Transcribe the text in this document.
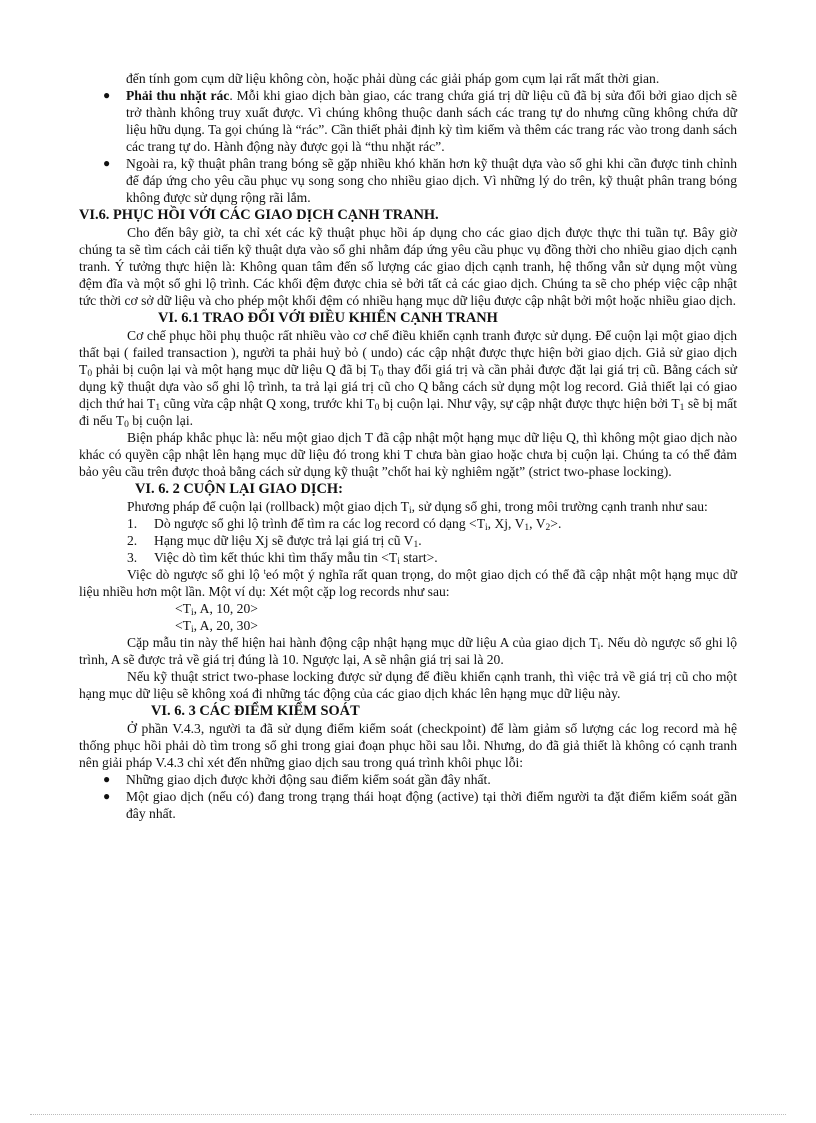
đến tính gom cụm dữ liệu không còn, hoặc phải dùng các giải pháp gom cụm lại rất mất thời gian.

● Phải thu nhặt rác. Mỗi khi giao dịch bàn giao, các trang chứa giá trị dữ liệu cũ đã bị sửa đổi bởi giao dịch sẽ trở thành không truy xuất được. Vì chúng không thuộc danh sách các trang tự do nhưng cũng không chứa dữ liệu hữu dụng. Ta gọi chúng là “rác”. Cần thiết phải định kỳ tìm kiếm và thêm các trang rác vào trong danh sách các trang tự do. Hành động này được gọi là “thu nhặt rác”.
● Ngoài ra, kỹ thuật phân trang bóng sẽ gặp nhiều khó khăn hơn kỹ thuật dựa vào sổ ghi khi cần được tinh chỉnh để đáp ứng cho yêu cầu phục vụ song song cho nhiều giao dịch. Vì những lý do trên, kỹ thuật phân trang bóng không được sử dụng rộng rãi lắm.
VI.6. PHỤC HỒI VỚI CÁC GIAO DỊCH CẠNH TRANH.

Cho đến bây giờ, ta chỉ xét các kỹ thuật phục hồi áp dụng cho các giao dịch được thực thi tuần tự. Bây giờ chúng ta sẽ tìm cách cải tiến kỹ thuật dựa vào sổ ghi nhằm đáp ứng yêu cầu phục vụ đồng thời cho nhiều giao dịch cạnh tranh. Ý tưởng thực hiện là: Không quan tâm đến số lượng các giao dịch cạnh tranh, hệ thống vẫn sử dụng một vùng đệm đĩa và một sổ ghi lộ trình. Các khối đệm được chia sẻ bởi tất cả các giao dịch. Chúng ta sẽ cho phép việc cập nhật tức thời cơ sở dữ liệu và cho phép một khối đệm có nhiều hạng mục dữ liệu được cập nhật bởi một hoặc nhiều giao dịch.

VI. 6.1 TRAO ĐỔI VỚI ĐIỀU KHIỂN CẠNH TRANH

Cơ chế phục hồi phụ thuộc rất nhiều vào cơ chế điều khiển cạnh tranh được sử dụng. Để cuộn lại một giao dịch thất bại ( failed transaction ), người ta phải huỷ bỏ ( undo) các cập nhật được thực hiện bởi giao dịch. Giả sử giao dịch $T_0$ phải bị cuộn lại và một hạng mục dữ liệu Q đã bị $T_0$ thay đổi giá trị và cần phải được đặt lại giá trị cũ. Bằng cách sử dụng kỹ thuật dựa vào sổ ghi lộ trình, ta trả lại giá trị cũ cho Q bằng cách sử dụng một log record. Giả thiết lại có giao dịch thứ hai $T_1$ cũng vừa cập nhật Q xong, trước khi $T_0$ bị cuộn lại. Như vậy, sự cập nhật được thực hiện bởi $T_1$ sẽ bị mất đi nếu $T_0$ bị cuộn lại.

Biện pháp khắc phục là: nếu một giao dịch T đã cập nhật một hạng mục dữ liệu Q, thì không một giao dịch nào khác có quyền cập nhật lên hạng mục dữ liệu đó trong khi T chưa bàn giao hoặc chưa bị cuộn lại. Chúng ta có thể đảm bảo yêu cầu trên được thoả bằng cách sử dụng kỹ thuật ”chốt hai kỳ nghiêm ngặt” (strict two-phase locking).

VI. 6. 2 CUỘN LẠI GIAO DỊCH:

Phương pháp để cuộn lại (rollback) một giao dịch $T_i$, sử dụng sổ ghi, trong môi trường cạnh tranh như sau:

1. Dò ngược sổ ghi lộ trình để tìm ra các log record có dạng $<T_i$, Xj, $V_1$, $V_2>$.
2. Hạng mục dữ liệu Xj sẽ được trả lại giá trị cũ $V_1$.
3. Việc dò tìm kết thúc khi tìm thấy mẫu tin $<T_i$ start>.

Việc dò ngược sổ ghi lộ $^t$eó một ý nghĩa rất quan trọng, do một giao dịch có thể đã cập nhật một hạng mục dữ liệu nhiều hơn một lần. Một ví dụ: Xét một cặp log records như sau:

$<T_i$, A, 10, 20>

$<T_i$, A, 20, 30>

Cặp mẫu tin này thể hiện hai hành động cập nhật hạng mục dữ liệu A của giao dịch $T_i$. Nếu dò ngược sổ ghi lộ trình, A sẽ được trả về giá trị đúng là 10. Ngược lại, A sẽ nhận giá trị sai là 20.

Nếu kỹ thuật strict two-phase locking được sử dụng để điều khiển cạnh tranh, thì việc trả về giá trị cũ cho một hạng mục dữ liệu sẽ không xoá đi những tác động của các giao dịch khác lên hạng mục dữ liệu này.

VI. 6. 3 CÁC ĐIỂM KIỂM SOÁT

Ở phần V.4.3, người ta đã sử dụng điểm kiểm soát (checkpoint) để làm giảm số lượng các log record mà hệ thống phục hồi phải dò tìm trong sổ ghi trong giai đoạn phục hồi sau lỗi. Nhưng, do đã giả thiết là không có cạnh tranh nên giải pháp V.4.3 chỉ xét đến những giao dịch sau trong quá trình khôi phục lỗi:

● Những giao dịch được khởi động sau điểm kiểm soát gần đây nhất.
● Một giao dịch (nếu có) đang trong trạng thái hoạt động (active) tại thời điểm người ta đặt điểm kiểm soát gần đây nhất.
